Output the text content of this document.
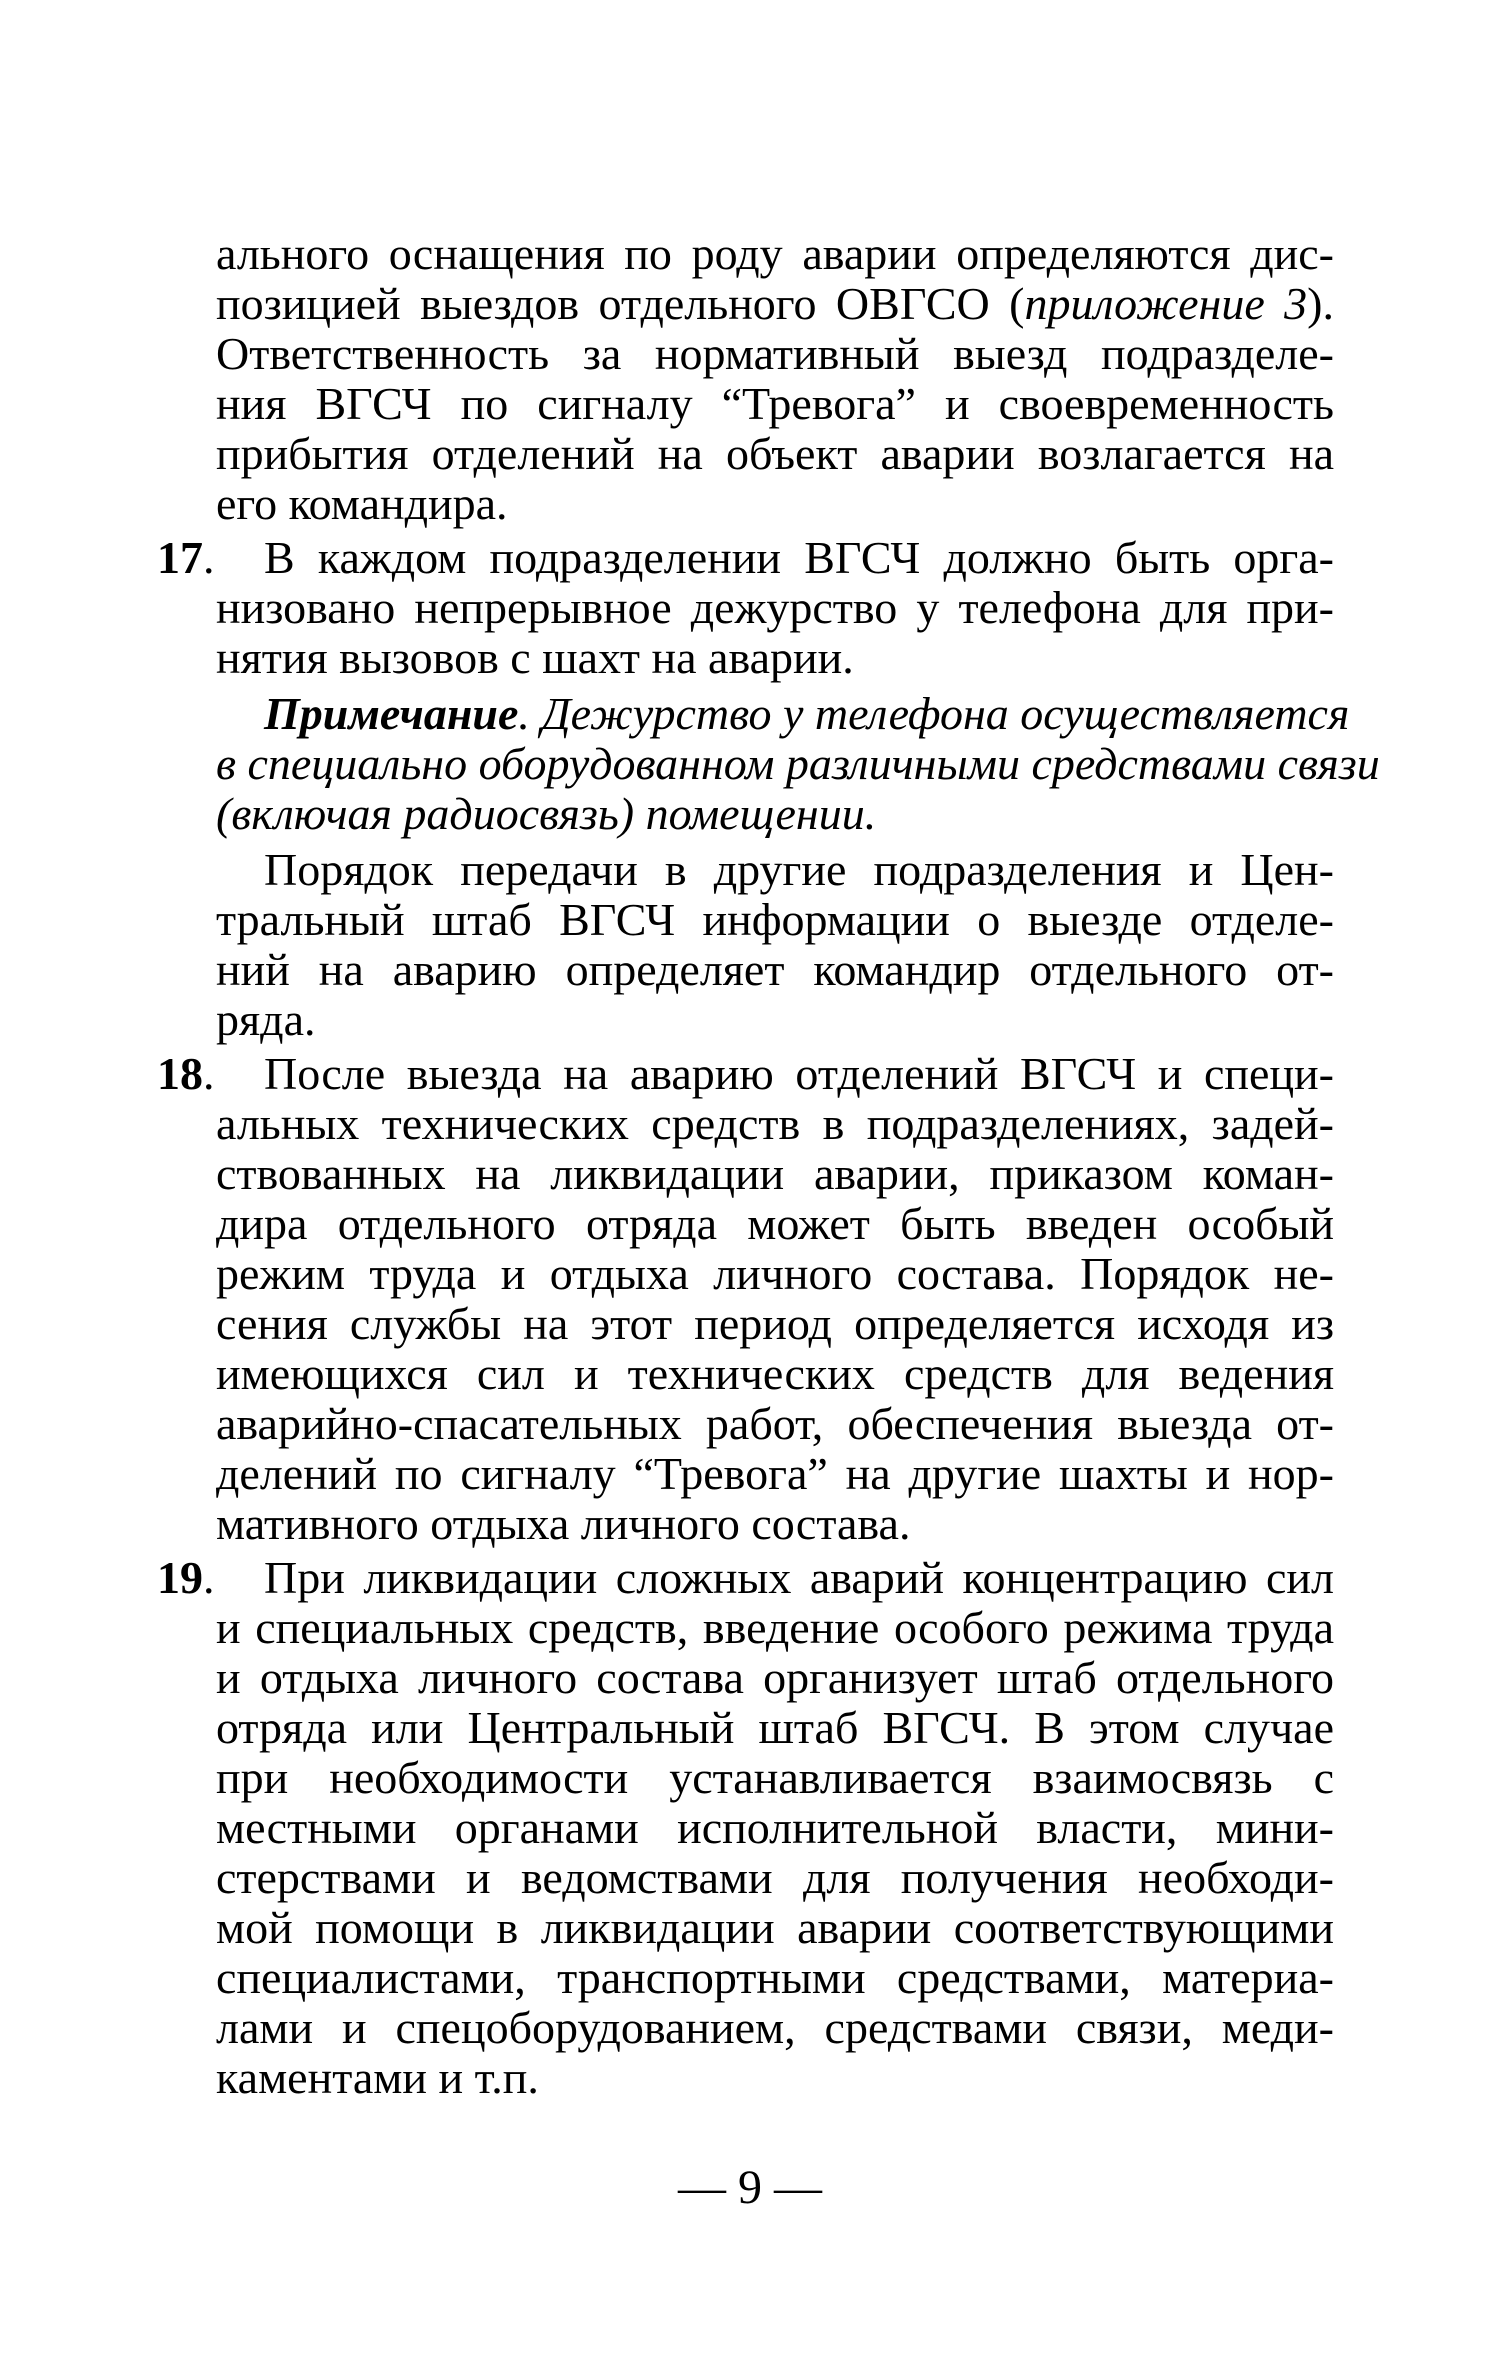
ального оснащения по роду аварии определяются дис-
позицией выездов отдельного ОВГСО (приложение 3).
Ответственность за нормативный выезд подразделе-
ния ВГСЧ по сигналу “Тревога” и своевременность
прибытия отделений на объект аварии возлагается на
его командира.
17. В каждом подразделении ВГСЧ должно быть орга-
низовано непрерывное дежурство у телефона для при-
нятия вызовов с шахт на аварии.
Примечание. Дежурство у телефона осуществляется
в специально оборудованном различными средствами связи
(включая радиосвязь) помещении.
Порядок передачи в другие подразделения и Цен-
тральный штаб ВГСЧ информации о выезде отделе-
ний на аварию определяет командир отдельного от-
ряда.
18. После выезда на аварию отделений ВГСЧ и специ-
альных технических средств в подразделениях, задей-
ствованных на ликвидации аварии, приказом коман-
дира отдельного отряда может быть введен особый
режим труда и отдыха личного состава. Порядок не-
сения службы на этот период определяется исходя из
имеющихся сил и технических средств для ведения
аварийно-спасательных работ, обеспечения выезда от-
делений по сигналу “Тревога” на другие шахты и нор-
мативного отдыха личного состава.
19. При ликвидации сложных аварий концентрацию сил
и специальных средств, введение особого режима труда
и отдыха личного состава организует штаб отдельного
отряда или Центральный штаб ВГСЧ. В этом случае
при необходимости устанавливается взаимосвязь с
местными органами исполнительной власти, мини-
стерствами и ведомствами для получения необходи-
мой помощи в ликвидации аварии соответствующими
специалистами, транспортными средствами, материа-
лами и спецоборудованием, средствами связи, меди-
каментами и т.п.
— 9 —
